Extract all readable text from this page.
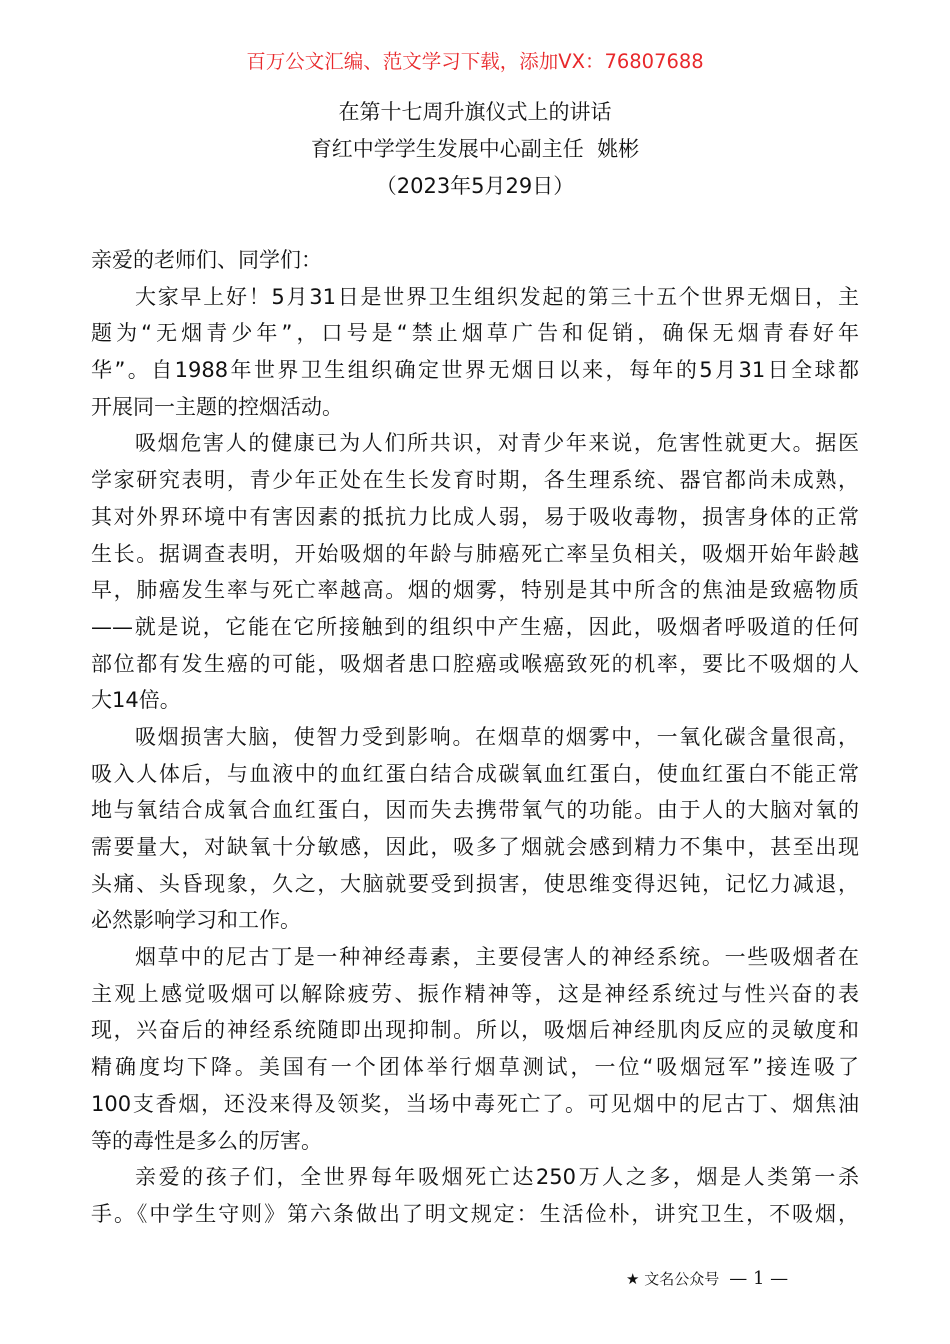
百万公文汇编、范文学习下载，添加VX：76807688
在第十七周升旗仪式上的讲话
育红中学学生发展中心副主任  姚彬
（2023年5月29日）
亲爱的老师们、同学们：
大家早上好！5月31日是世界卫生组织发起的第三十五个世界无烟日，主
题为“无烟青少年”，口号是“禁止烟草广告和促销，确保无烟青春好年
华”。自1988年世界卫生组织确定世界无烟日以来，每年的5月31日全球都
开展同一主题的控烟活动。
吸烟危害人的健康已为人们所共识，对青少年来说，危害性就更大。据医
学家研究表明，青少年正处在生长发育时期，各生理系统、器官都尚未成熟，
其对外界环境中有害因素的抵抗力比成人弱，易于吸收毒物，损害身体的正常
生长。据调查表明，开始吸烟的年龄与肺癌死亡率呈负相关，吸烟开始年龄越
早，肺癌发生率与死亡率越高。烟的烟雾，特别是其中所含的焦油是致癌物质
——就是说，它能在它所接触到的组织中产生癌，因此，吸烟者呼吸道的任何
部位都有发生癌的可能，吸烟者患口腔癌或喉癌致死的机率，要比不吸烟的人
大14倍。
吸烟损害大脑，使智力受到影响。在烟草的烟雾中，一氧化碳含量很高，
吸入人体后，与血液中的血红蛋白结合成碳氧血红蛋白，使血红蛋白不能正常
地与氧结合成氧合血红蛋白，因而失去携带氧气的功能。由于人的大脑对氧的
需要量大，对缺氧十分敏感，因此，吸多了烟就会感到精力不集中，甚至出现
头痛、头昏现象，久之，大脑就要受到损害，使思维变得迟钝，记忆力减退，
必然影响学习和工作。
烟草中的尼古丁是一种神经毒素，主要侵害人的神经系统。一些吸烟者在
主观上感觉吸烟可以解除疲劳、振作精神等，这是神经系统过与性兴奋的表
现，兴奋后的神经系统随即出现抑制。所以，吸烟后神经肌肉反应的灵敏度和
精确度均下降。美国有一个团体举行烟草测试，一位“吸烟冠军”接连吸了
100支香烟，还没来得及领奖，当场中毒死亡了。可见烟中的尼古丁、烟焦油
等的毒性是多么的厉害。
亲爱的孩子们，全世界每年吸烟死亡达250万人之多，烟是人类第一杀
手。《中学生守则》第六条做出了明文规定：生活俭朴，讲究卫生，不吸烟，
★ 文名公众号 — 1 —
